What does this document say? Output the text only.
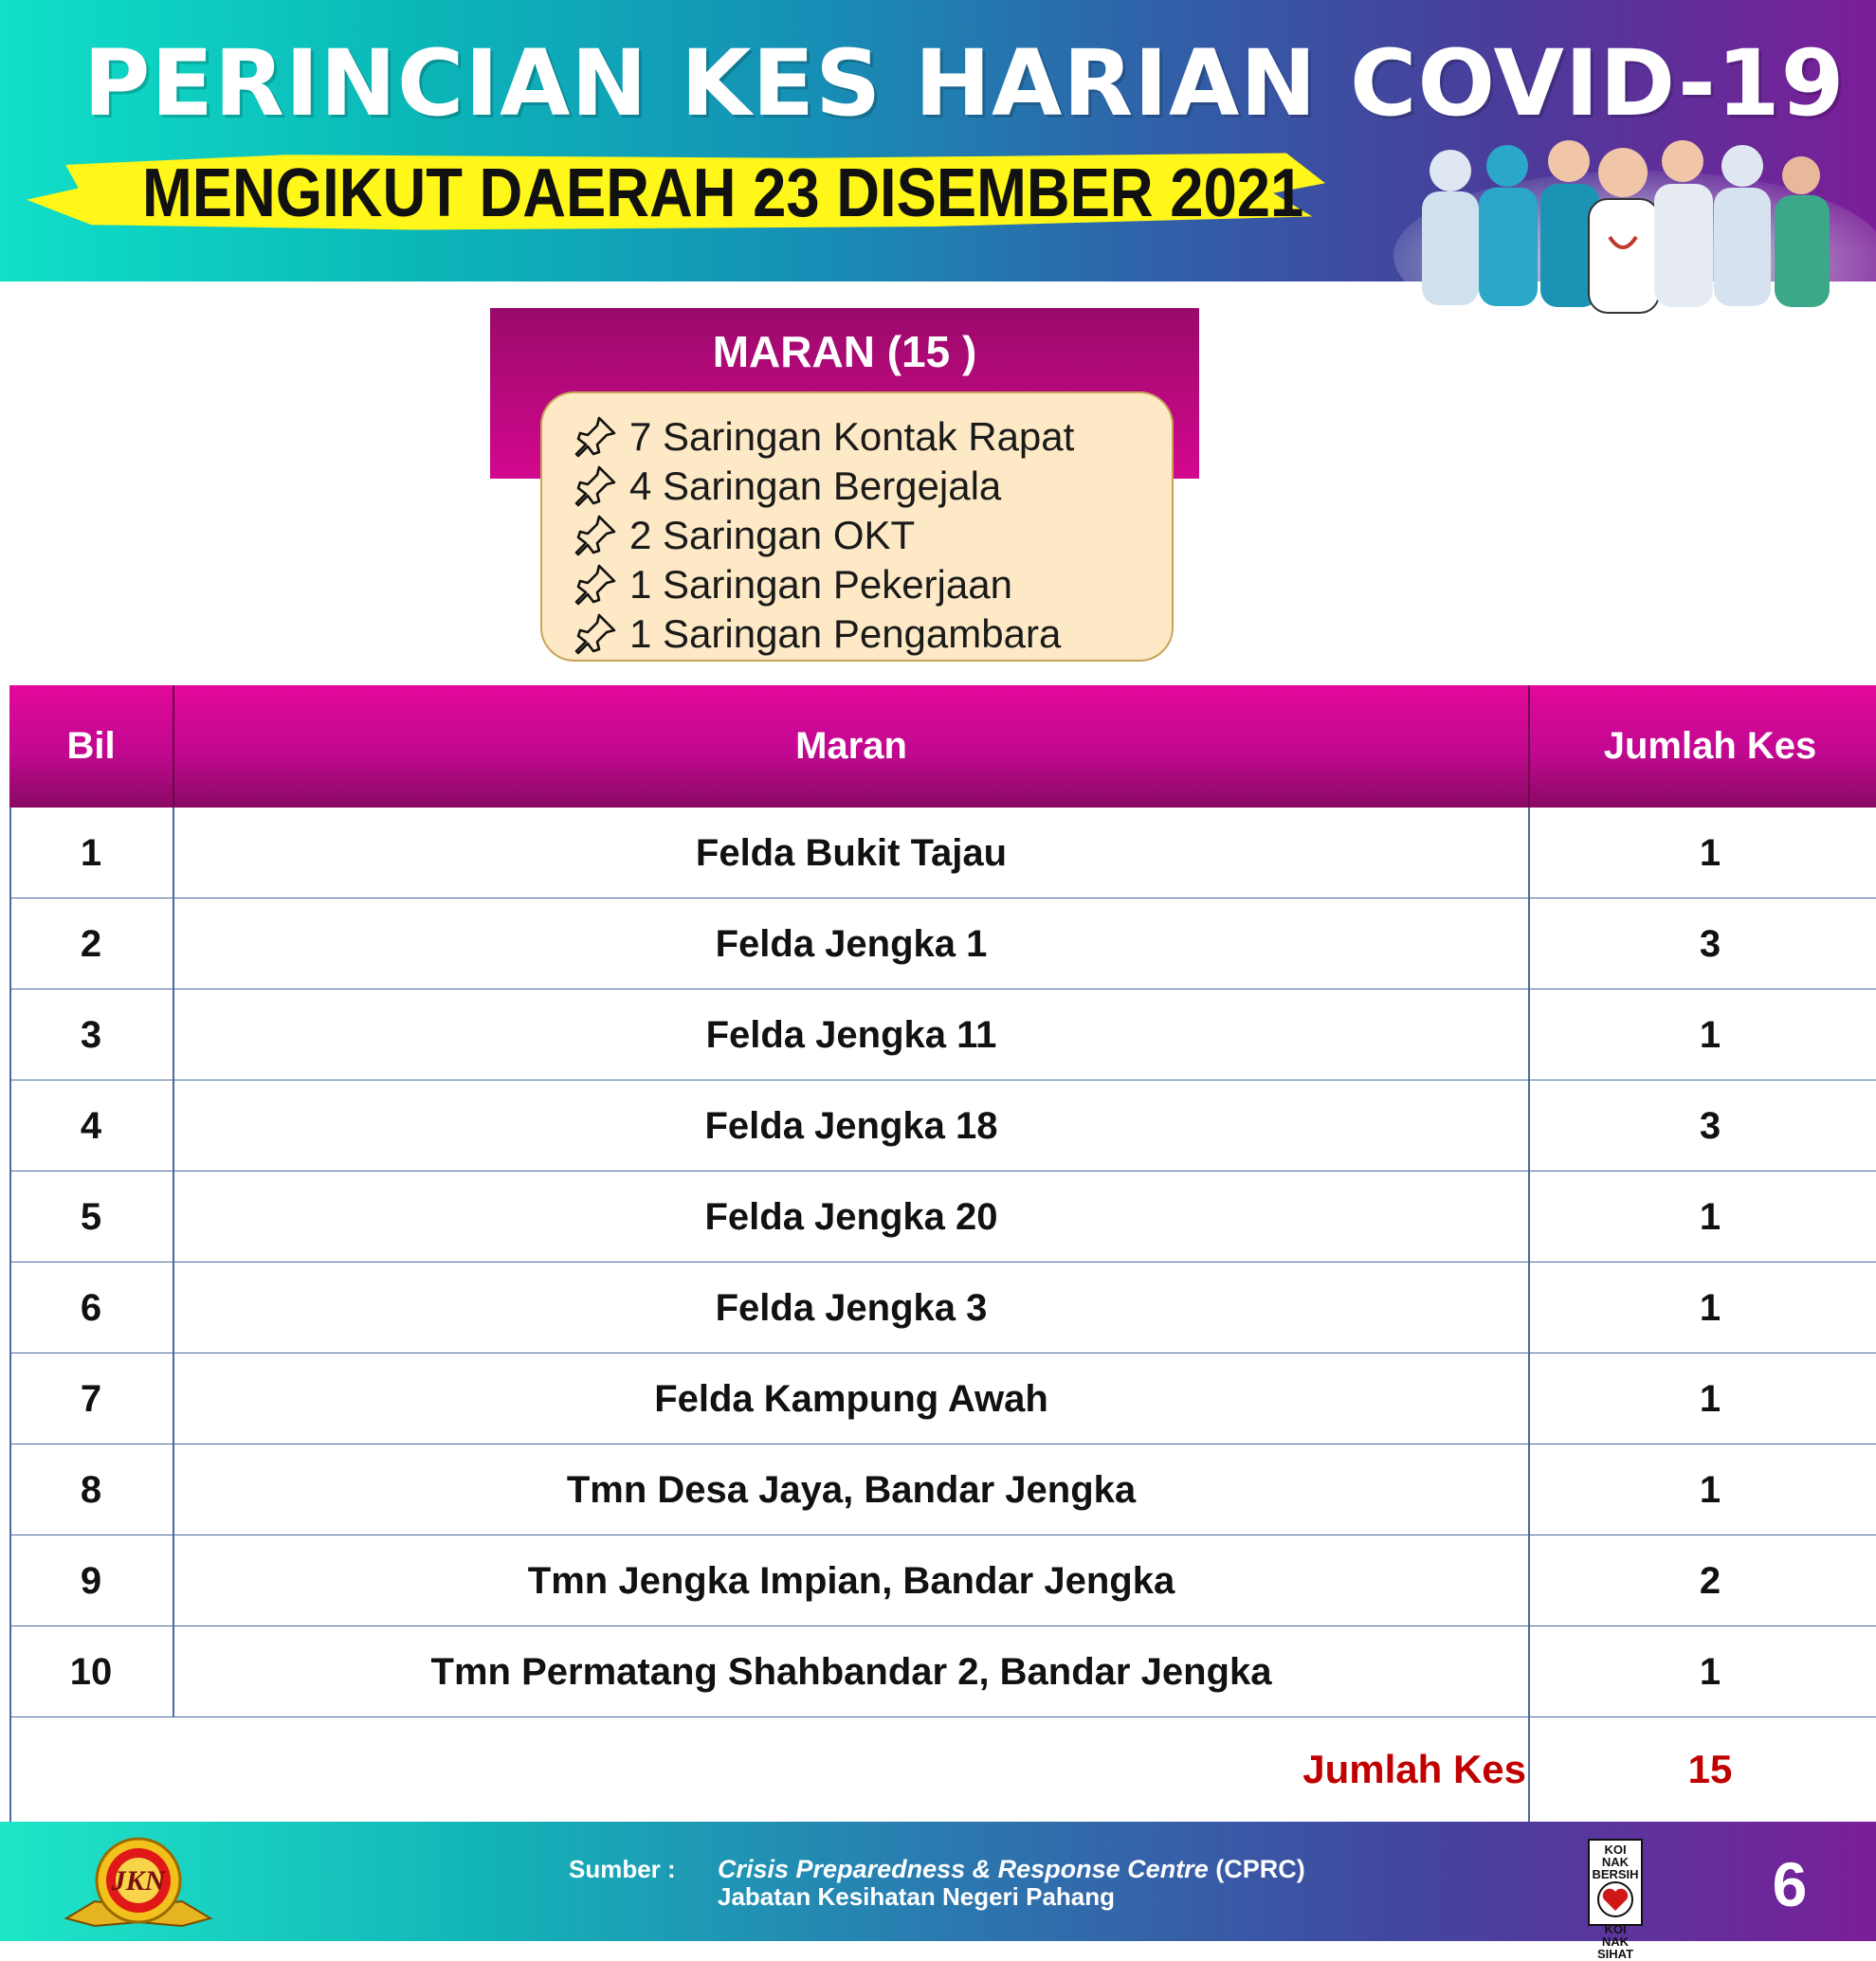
PERINCIAN KES HARIAN COVID-19
MENGIKUT DAERAH 23 DISEMBER 2021
MARAN (15 )
7 Saringan Kontak Rapat
4 Saringan Bergejala
2 Saringan OKT
1 Saringan Pekerjaan
1 Saringan Pengambara
Bil	Maran	Jumlah Kes
1	Felda Bukit Tajau	1
2	Felda Jengka 1	3
3	Felda Jengka 11	1
4	Felda Jengka 18	3
5	Felda Jengka 20	1
6	Felda Jengka 3	1
7	Felda Kampung Awah	1
8	Tmn Desa Jaya, Bandar Jengka	1
9	Tmn Jengka Impian, Bandar Jengka	2
10	Tmn Permatang Shahbandar 2, Bandar Jengka	1
Jumlah Kes	15
JKN	Sumber : Crisis Preparedness & Response Centre (CPRC)
Jabatan Kesihatan Negeri Pahang
KOI NAK BERSIH
KOI NAK SIHAT
6
